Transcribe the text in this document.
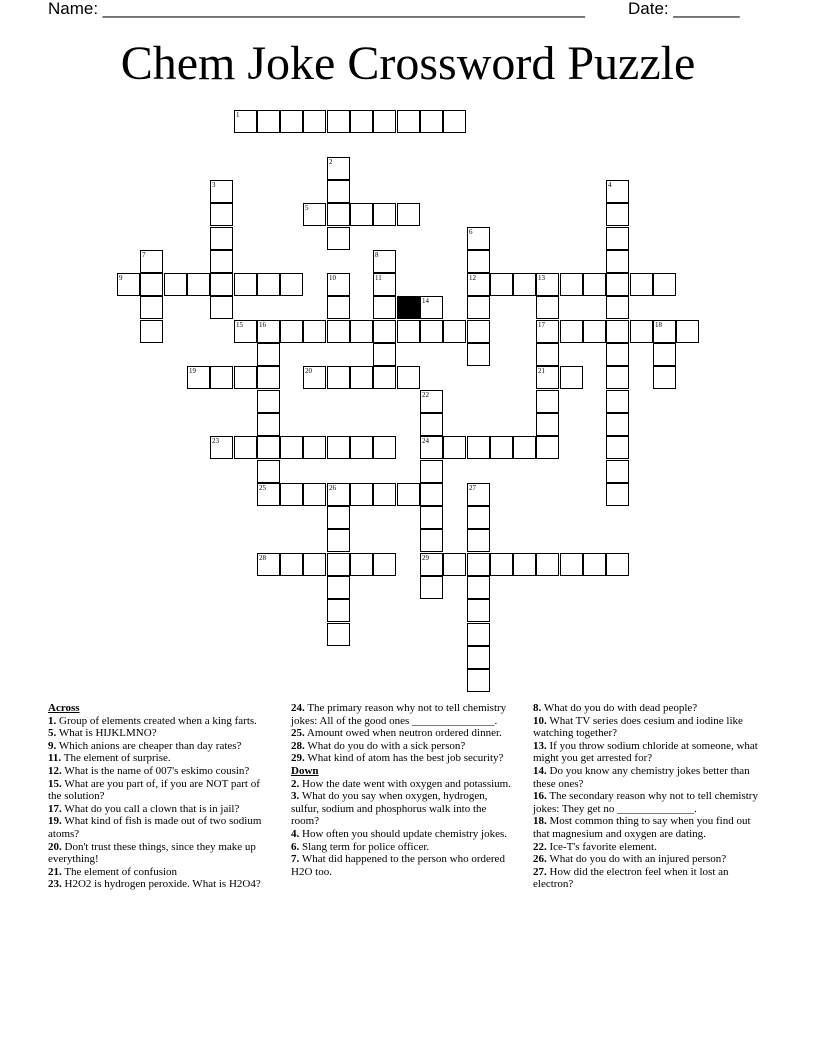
Name: ___________________________________________________	Date: _______
Chem Joke Crossword Puzzle
1
5
9	11	12	13
15 16	17	18
19	20	21
23	24
25	26
28	29
2
3	4
6
7	8
10
14
22
27
Across
1. Group of elements created when a king farts.
5. What is HIJKLMNO?
9. Which anions are cheaper than day rates?
11. The element of surprise.
12. What is the name of 007's eskimo cousin?
15. What are you part of, if you are NOT part of the solution?
17. What do you call a clown that is in jail?
19. What kind of fish is made out of two sodium atoms?
20. Don't trust these things, since they make up everything!
21. The element of confusion
23. H2O2 is hydrogen peroxide. What is H2O4?
24. The primary reason why not to tell chemistry jokes: All of the good ones _______________.
25. Amount owed when neutron ordered dinner.
28. What do you do with a sick person?
29. What kind of atom has the best job security?
Down
2. How the date went with oxygen and potassium.
3. What do you say when oxygen, hydrogen, sulfur, sodium and phosphorus walk into the room?
4. How often you should update chemistry jokes.
6. Slang term for police officer.
7. What did happened to the person who ordered H2O too.
8. What do you do with dead people?
10. What TV series does cesium and iodine like watching together?
13. If you throw sodium chloride at someone, what might you get arrested for?
14. Do you know any chemistry jokes better than these ones?
16. The secondary reason why not to tell chemistry jokes: They get no ______________.
18. Most common thing to say when you find out that magnesium and oxygen are dating.
22. Ice-T's favorite element.
26. What do you do with an injured person?
27. How did the electron feel when it lost an electron?
